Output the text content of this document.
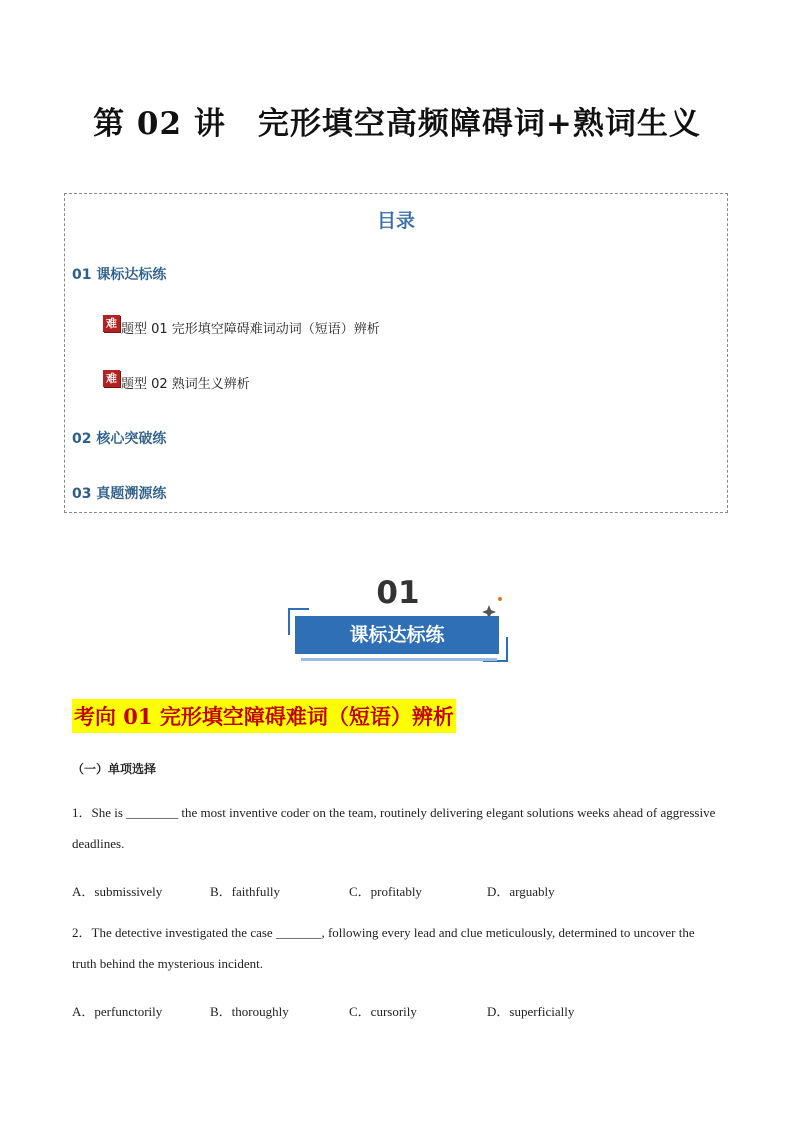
第 02 讲　完形填空高频障碍词+熟词生义
目录
01 课标达标练
难 题型 01 完形填空障碍难词动词（短语）辨析
难 题型 02 熟词生义辨析
02 核心突破练
03 真题溯源练
01
课标达标练
考向 01 完形填空障碍难词（短语）辨析
（一）单项选择
1．She is ________ the most inventive coder on the team, routinely delivering elegant solutions weeks ahead of aggressive deadlines.
A．submissively	B．faithfully	C．profitably	D．arguably
2．The detective investigated the case _______, following every lead and clue meticulously, determined to uncover the truth behind the mysterious incident.
A．perfunctorily	B．thoroughly	C．cursorily	D．superficially
